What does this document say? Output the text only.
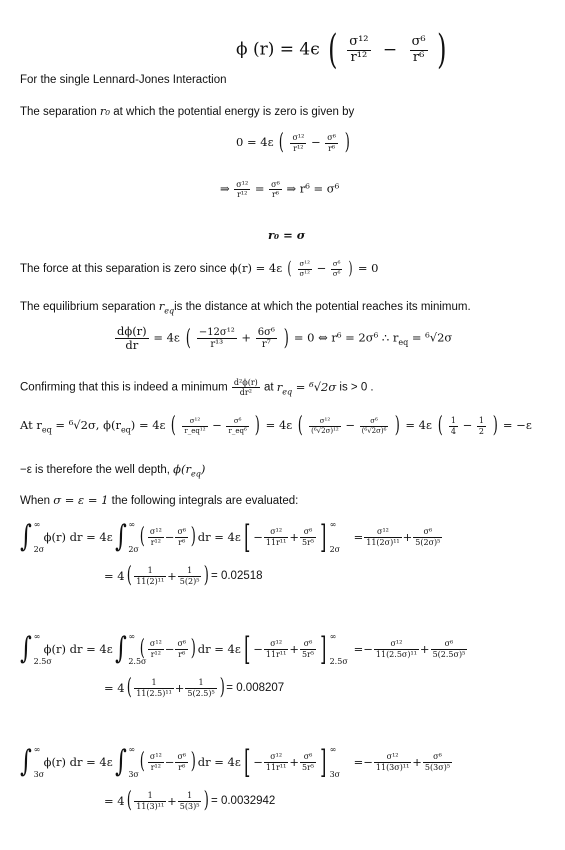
ϕ (r) = 4ϵ ( $\frac{\text{σ¹²}}{\text{r¹²}} - \frac{\text{σ⁶}}{\text{r⁶}}$ )
For the single Lennard-Jones Interaction
The separation r₀ at which the potential energy is zero is given by
0 = 4ε ( $\frac{\text{σ¹²}}{\text{r¹²}} - \frac{\text{σ⁶}}{\text{r⁶}}$ )
⇒ $\frac{\text{σ¹²}}{\text{r¹²}} = \frac{\text{σ⁶}}{\text{r⁶}}$ ⇒ r⁶ = σ⁶
r₀ = σ
The force at this separation is zero since ϕ(r) = 4ε ( $\frac{\text{σ¹²}}{\text{σ¹²}} - \frac{\text{σ⁶}}{\text{σ⁶}}$ ) = 0
The equilibrium separation $r_{eq}is$ the distance at which the potential reaches its minimum.
$\frac{d\phi(r)}{dr} = 4\varepsilon$ ( $\frac{\text{−12σ¹²}}{\text{r¹³}} + \frac{\text{6σ⁶}}{\text{r⁷}}$ ) = 0 ⇔ r⁶ = 2σ⁶ ∴ $r_{eq} = ^6√2\sigma$
Confirming that this is indeed a minimum $\frac{\text{d²ϕ(r)}}{\text{dr²}}$ at $r_{eq} = ^6√2\sigma$ is > 0 .
At $r_{eq} = ^6√2\sigma$, $\phi(r_{eq}) = 4\varepsilon$ ( $\frac{\text{σ¹²}}{\text{r\_eq¹²}} - \frac{\text{σ⁶}}{\text{r\_eq⁶}}$ ) = 4ε ( $\frac{\text{σ¹²}}{\text{(⁶√2σ)¹²}} - \frac{\text{σ⁶}}{\text{(⁶√2σ)⁶}}$ ) = 4ε ( $\frac{1}{4} - \frac{1}{2}$ ) = −ε
−ε is therefore the well depth, $\phi(r_{eq})$
When σ = ε = 1 the following integrals are evaluated:
∫ ∞
2σ
ϕ(r) dr = 4ε∫ ∞
2σ
( $\frac{\text{σ¹²}}{\text{r¹²}} - \frac{\text{σ⁶}}{\text{r⁶}}$ ) dr = $4\varepsilon[ - \frac{\text{σ¹²}}{\text{11r¹¹}} + \frac{\text{σ⁶}}{\text{5r⁵}}$ ] ∞
2σ
= $\frac{\text{σ¹²}}{\text{11(2σ)¹¹}} + \frac{\text{σ⁶}}{\text{5(2σ)⁵}}$
= $4( \frac{1}{\text{11(2)¹¹}} + \frac{1}{\text{5(2)⁵}}$ ) = 0.02518
∫ ∞
2.5σ
ϕ(r) dr = 4ε∫ ∞
2.5σ
( $\frac{\text{σ¹²}}{\text{r¹²}} - \frac{\text{σ⁶}}{\text{r⁶}}$ ) dr = $4\varepsilon[ - \frac{\text{σ¹²}}{\text{11r¹¹}} + \frac{\text{σ⁶}}{\text{5r⁵}}$ ] ∞
2.5σ
=− $\frac{\text{σ¹²}}{\text{11(2.5σ)¹¹}} + \frac{\text{σ⁶}}{\text{5(2.5σ)⁵}}$
= $4( \frac{1}{\text{11(2.5)¹¹}} + \frac{1}{\text{5(2.5)⁵}}$ ) = 0.008207
∫ ∞
3σ
ϕ(r) dr = 4ε∫ ∞
3σ
( $\frac{\text{σ¹²}}{\text{r¹²}} - \frac{\text{σ⁶}}{\text{r⁶}}$ ) dr = $4\varepsilon[ - \frac{\text{σ¹²}}{\text{11r¹¹}} + \frac{\text{σ⁶}}{\text{5r⁵}}$ ] ∞
3σ
=− $\frac{\text{σ¹²}}{\text{11(3σ)¹¹}} + \frac{\text{σ⁶}}{\text{5(3σ)⁵}}$
= $4( \frac{1}{\text{11(3)¹¹}} + \frac{1}{\text{5(3)⁵}}$ ) = 0.0032942
